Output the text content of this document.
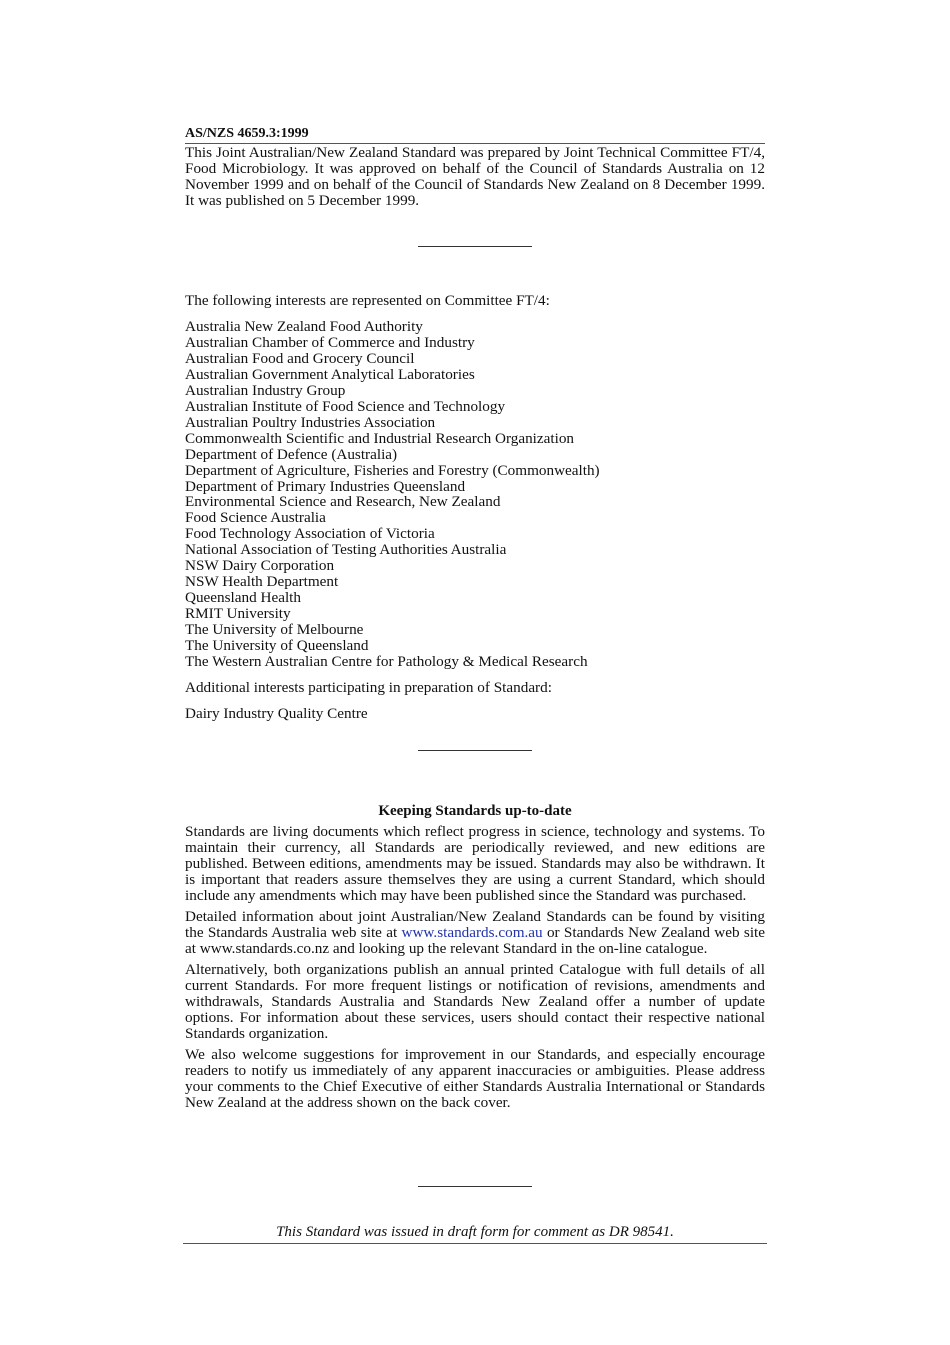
AS/NZS 4659.3:1999

This Joint Australian/New Zealand Standard was prepared by Joint Technical Committee FT/4, Food Microbiology. It was approved on behalf of the Council of Standards Australia on 12 November 1999 and on behalf of the Council of Standards New Zealand on 8 December 1999. It was published on 5 December 1999.

The following interests are represented on Committee FT/4:

Australia New Zealand Food Authority
Australian Chamber of Commerce and Industry
Australian Food and Grocery Council
Australian Government Analytical Laboratories
Australian Industry Group
Australian Institute of Food Science and Technology
Australian Poultry Industries Association
Commonwealth Scientific and Industrial Research Organization
Department of Defence (Australia)
Department of Agriculture, Fisheries and Forestry (Commonwealth)
Department of Primary Industries Queensland
Environmental Science and Research, New Zealand
Food Science Australia
Food Technology Association of Victoria
National Association of Testing Authorities Australia
NSW Dairy Corporation
NSW Health Department
Queensland Health
RMIT University
The University of Melbourne
The University of Queensland
The Western Australian Centre for Pathology & Medical Research

Additional interests participating in preparation of Standard:

Dairy Industry Quality Centre

Keeping Standards up-to-date

Standards are living documents which reflect progress in science, technology and systems. To maintain their currency, all Standards are periodically reviewed, and new editions are published. Between editions, amendments may be issued. Standards may also be withdrawn. It is important that readers assure themselves they are using a current Standard, which should include any amendments which may have been published since the Standard was purchased.

Detailed information about joint Australian/New Zealand Standards can be found by visiting the Standards Australia web site at www.standards.com.au or Standards New Zealand web site at www.standards.co.nz and looking up the relevant Standard in the on-line catalogue.

Alternatively, both organizations publish an annual printed Catalogue with full details of all current Standards. For more frequent listings or notification of revisions, amendments and withdrawals, Standards Australia and Standards New Zealand offer a number of update options. For information about these services, users should contact their respective national Standards organization.

We also welcome suggestions for improvement in our Standards, and especially encourage readers to notify us immediately of any apparent inaccuracies or ambiguities. Please address your comments to the Chief Executive of either Standards Australia International or Standards New Zealand at the address shown on the back cover.

This Standard was issued in draft form for comment as DR 98541.
